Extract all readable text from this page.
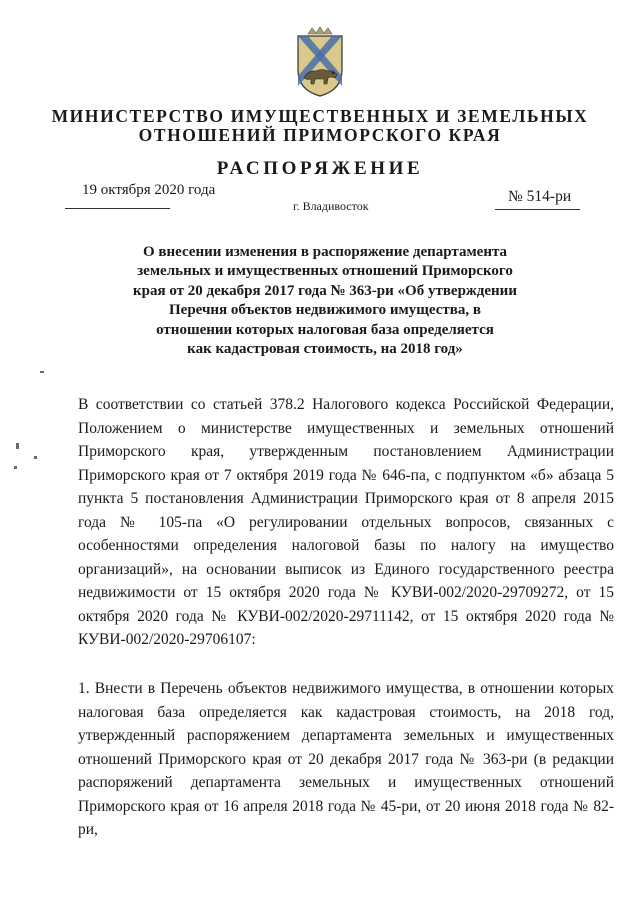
МИНИСТЕРСТВО ИМУЩЕСТВЕННЫХ И ЗЕМЕЛЬНЫХ
ОТНОШЕНИЙ ПРИМОРСКОГО КРАЯ
РАСПОРЯЖЕНИЕ
19 октября 2020 года
г. Владивосток
№ 514-ри
О внесении изменения в распоряжение департамента
земельных и имущественных отношений Приморского
края от 20 декабря 2017 года № 363-ри «Об утверждении
Перечня объектов недвижимого имущества, в
отношении которых налоговая база определяется
как кадастровая стоимость, на 2018 год»
В соответствии со статьей 378.2 Налогового кодекса Российской Федерации, Положением о министерстве имущественных и земельных отношений Приморского края, утвержденным постановлением Администрации Приморского края от 7 октября 2019 года № 646-па, с подпунктом «б» абзаца 5 пункта 5 постановления Администрации Приморского края от 8 апреля 2015 года № 105-па «О регулировании отдельных вопросов, связанных с особенностями определения налоговой базы по налогу на имущество организаций», на основании выписок из Единого государственного реестра недвижимости от 15 октября 2020 года № КУВИ-002/2020-29709272, от 15 октября 2020 года № КУВИ-002/2020-29711142, от 15 октября 2020 года № КУВИ-002/2020-29706107:
1. Внести в Перечень объектов недвижимого имущества, в отношении которых налоговая база определяется как кадастровая стоимость, на 2018 год, утвержденный распоряжением департамента земельных и имущественных отношений Приморского края от 20 декабря 2017 года № 363-ри (в редакции распоряжений департамента земельных и имущественных отношений Приморского края от 16 апреля 2018 года № 45-ри, от 20 июня 2018 года № 82-ри,
